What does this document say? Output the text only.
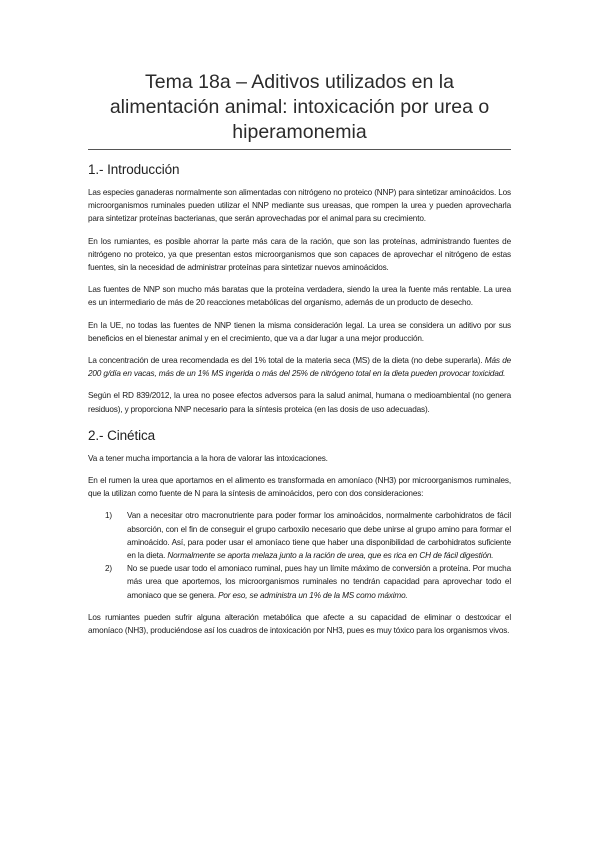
Tema 18a – Aditivos utilizados en la alimentación animal: intoxicación por urea o hiperamonemia
1.- Introducción

Las especies ganaderas normalmente son alimentadas con nitrógeno no proteico (NNP) para sintetizar aminoácidos. Los microorganismos ruminales pueden utilizar el NNP mediante sus ureasas, que rompen la urea y pueden aprovecharla para sintetizar proteínas bacterianas, que serán aprovechadas por el animal para su crecimiento.

En los rumiantes, es posible ahorrar la parte más cara de la ración, que son las proteínas, administrando fuentes de nitrógeno no proteico, ya que presentan estos microorganismos que son capaces de aprovechar el nitrógeno de estas fuentes, sin la necesidad de administrar proteínas para sintetizar nuevos aminoácidos.

Las fuentes de NNP son mucho más baratas que la proteína verdadera, siendo la urea la fuente más rentable. La urea es un intermediario de más de 20 reacciones metabólicas del organismo, además de un producto de desecho.

En la UE, no todas las fuentes de NNP tienen la misma consideración legal. La urea se considera un aditivo por sus beneficios en el bienestar animal y en el crecimiento, que va a dar lugar a una mejor producción.

La concentración de urea recomendada es del 1% total de la materia seca (MS) de la dieta (no debe superarla). Más de 200 g/día en vacas, más de un 1% MS ingerida o más del 25% de nitrógeno total en la dieta pueden provocar toxicidad.

Según el RD 839/2012, la urea no posee efectos adversos para la salud animal, humana o medioambiental (no genera residuos), y proporciona NNP necesario para la síntesis proteica (en las dosis de uso adecuadas).

2.- Cinética

Va a tener mucha importancia a la hora de valorar las intoxicaciones.

En el rumen la urea que aportamos en el alimento es transformada en amoníaco (NH3) por microorganismos ruminales, que la utilizan como fuente de N para la síntesis de aminoácidos, pero con dos consideraciones:

1) Van a necesitar otro macronutriente para poder formar los aminoácidos, normalmente carbohidratos de fácil absorción, con el fin de conseguir el grupo carboxilo necesario que debe unirse al grupo amino para formar el aminoácido. Así, para poder usar el amoníaco tiene que haber una disponibilidad de carbohidratos suficiente en la dieta. Normalmente se aporta melaza junto a la ración de urea, que es rica en CH de fácil digestión.
2) No se puede usar todo el amoniaco ruminal, pues hay un límite máximo de conversión a proteína. Por mucha más urea que aportemos, los microorganismos ruminales no tendrán capacidad para aprovechar todo el amoniaco que se genera. Por eso, se administra un 1% de la MS como máximo.

Los rumiantes pueden sufrir alguna alteración metabólica que afecte a su capacidad de eliminar o destoxicar el amoníaco (NH3), produciéndose así los cuadros de intoxicación por NH3, pues es muy tóxico para los organismos vivos.
